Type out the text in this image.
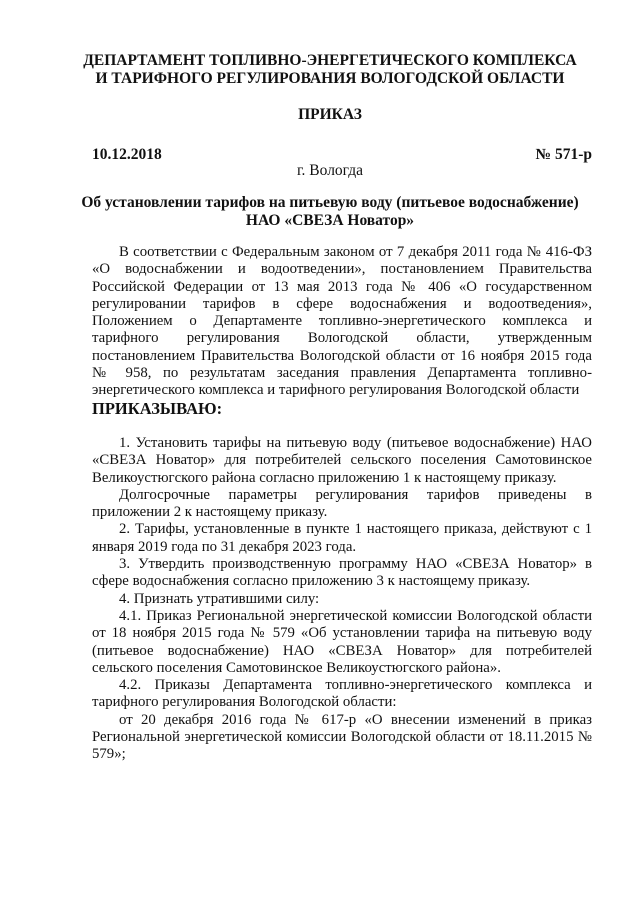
ДЕПАРТАМЕНТ ТОПЛИВНО-ЭНЕРГЕТИЧЕСКОГО КОМПЛЕКСА
И ТАРИФНОГО РЕГУЛИРОВАНИЯ ВОЛОГОДСКОЙ ОБЛАСТИ
ПРИКАЗ
10.12.2018	№ 571-р
г. Вологда
Об установлении тарифов на питьевую воду (питьевое водоснабжение)
НАО «СВЕЗА Новатор»

В соответствии с Федеральным законом от 7 декабря 2011 года № 416-ФЗ «О водоснабжении и водоотведении», постановлением Правительства Российской Федерации от 13 мая 2013 года № 406 «О государственном регулировании тарифов в сфере водоснабжения и водоотведения», Положением о Департаменте топливно-энергетического комплекса и тарифного регулирования Вологодской области, утвержденным постановлением Правительства Вологодской области от 16 ноября 2015 года № 958, по результатам заседания правления Департамента топливно-энергетического комплекса и тарифного регулирования Вологодской области

ПРИКАЗЫВАЮ:

1. Установить тарифы на питьевую воду (питьевое водоснабжение) НАО «СВЕЗА Новатор» для потребителей сельского поселения Самотовинское Великоустюгского района согласно приложению 1 к настоящему приказу.

Долгосрочные параметры регулирования тарифов приведены в приложении 2 к настоящему приказу.

2. Тарифы, установленные в пункте 1 настоящего приказа, действуют с 1 января 2019 года по 31 декабря 2023 года.

3. Утвердить производственную программу НАО «СВЕЗА Новатор» в сфере водоснабжения согласно приложению 3 к настоящему приказу.

4. Признать утратившими силу:

4.1. Приказ Региональной энергетической комиссии Вологодской области от 18 ноября 2015 года № 579 «Об установлении тарифа на питьевую воду (питьевое водоснабжение) НАО «СВЕЗА Новатор» для потребителей сельского поселения Самотовинское Великоустюгского района».

4.2. Приказы Департамента топливно-энергетического комплекса и тарифного регулирования Вологодской области:

от 20 декабря 2016 года № 617-р «О внесении изменений в приказ Региональной энергетической комиссии Вологодской области от 18.11.2015 № 579»;
